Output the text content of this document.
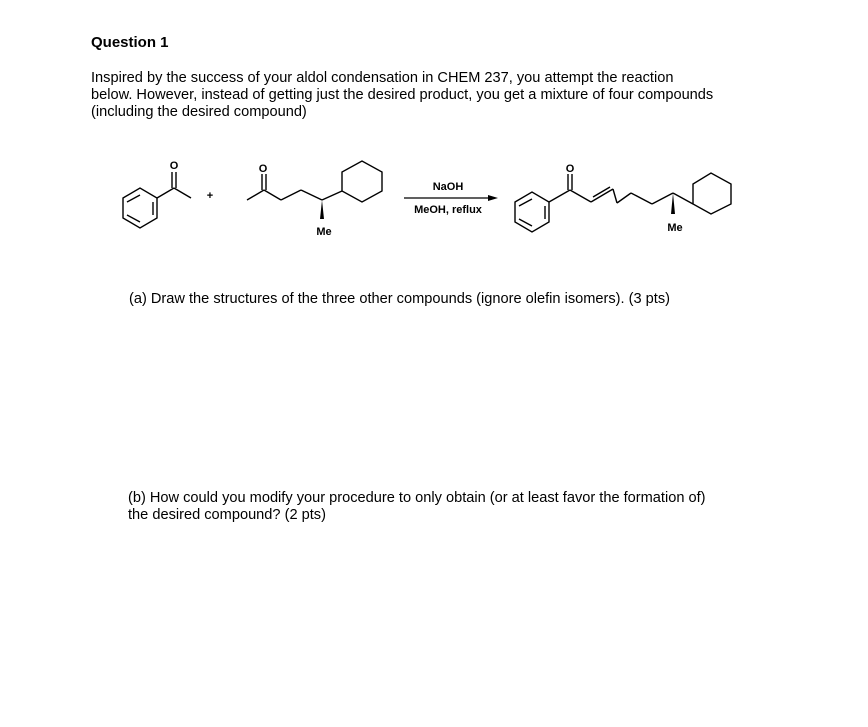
Question 1
Inspired by the success of your aldol condensation in CHEM 237, you attempt the reaction
below. However, instead of getting just the desired product, you get a mixture of four compounds
(including the desired compound)
O
+
O
Me
NaOH
MeOH, reflux
O
Me
(a) Draw the structures of the three other compounds (ignore olefin isomers). (3 pts)
(b) How could you modify your procedure to only obtain (or at least favor the formation of)
the desired compound? (2 pts)
